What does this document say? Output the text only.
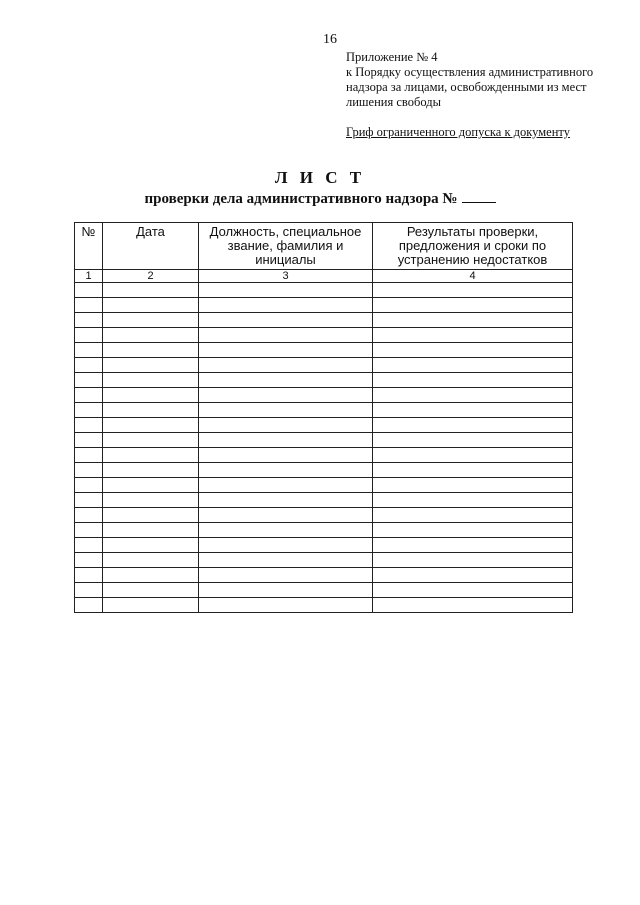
16
Приложение № 4
к Порядку осуществления административного
надзора за лицами, освобожденными из мест
лишения свободы
Гриф ограниченного допуска к документу
Л И С Т
проверки дела административного надзора №
№	Дата	Должность, специальное звание, фамилия и инициалы	Результаты проверки, предложения и сроки по устранению недостатков
1	2	3	4
